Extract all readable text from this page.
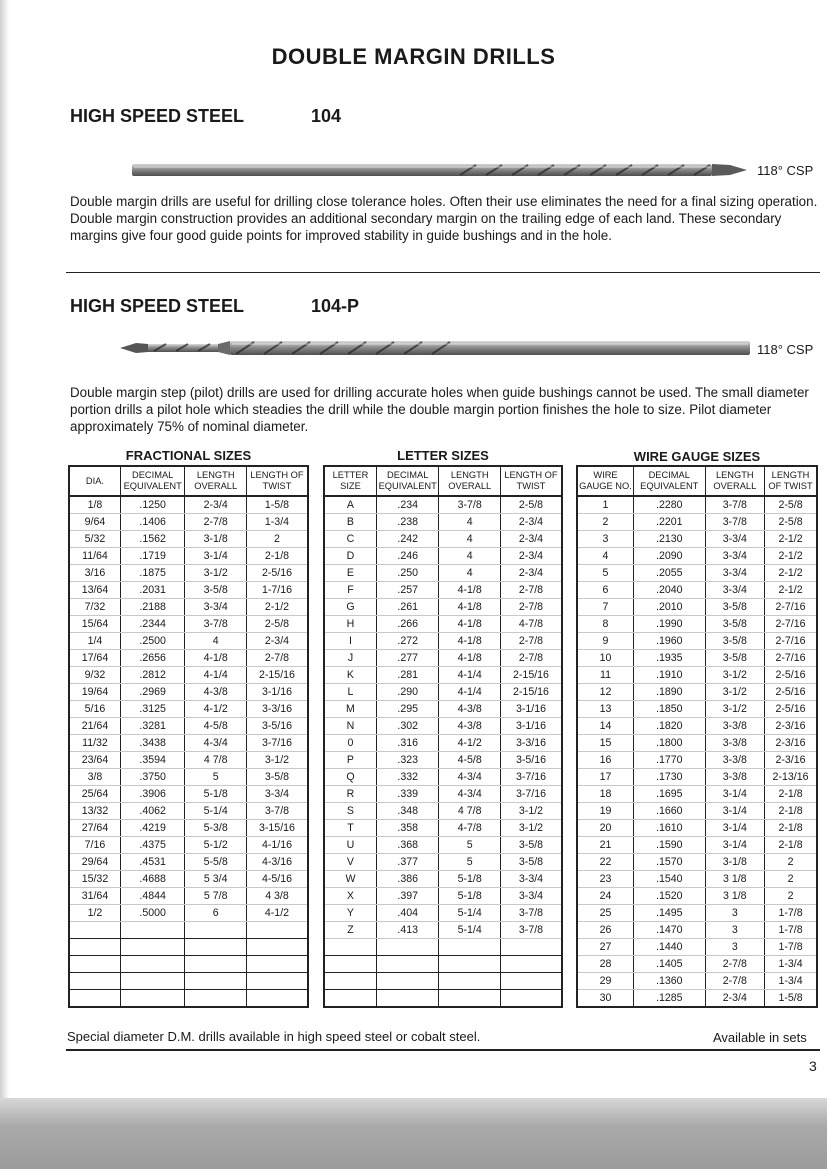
DOUBLE MARGIN DRILLS
HIGH SPEED STEEL	104
118° CSP
Double margin drills are useful for drilling close tolerance holes. Often their use eliminates the need for a final sizing operation. Double margin construction provides an additional secondary margin on the trailing edge of each land. These secondary margins give four good guide points for improved stability in guide bushings and in the hole.
HIGH SPEED STEEL	104-P
118° CSP
Double margin step (pilot) drills are used for drilling accurate holes when guide bushings cannot be used. The small diameter portion drills a pilot hole which steadies the drill while the double margin portion finishes the hole to size. Pilot diameter approximately 75% of nominal diameter.
FRACTIONAL SIZES	LETTER SIZES	WIRE GAUGE SIZES
DIA.	DECIMAL EQUIVALENT	LENGTH OVERALL	LENGTH OF TWIST
1/8	.1250	2-3/4	1-5/8
9/64	.1406	2-7/8	1-3/4
5/32	.1562	3-1/8	2
11/64	.1719	3-1/4	2-1/8
3/16	.1875	3-1/2	2-5/16
13/64	.2031	3-5/8	1-7/16
7/32	.2188	3-3/4	2-1/2
15/64	.2344	3-7/8	2-5/8
1/4	.2500	4	2-3/4
17/64	.2656	4-1/8	2-7/8
9/32	.2812	4-1/4	2-15/16
19/64	.2969	4-3/8	3-1/16
5/16	.3125	4-1/2	3-3/16
21/64	.3281	4-5/8	3-5/16
11/32	.3438	4-3/4	3-7/16
23/64	.3594	4 7/8	3-1/2
3/8	.3750	5	3-5/8
25/64	.3906	5-1/8	3-3/4
13/32	.4062	5-1/4	3-7/8
27/64	.4219	5-3/8	3-15/16
7/16	.4375	5-1/2	4-1/16
29/64	.4531	5-5/8	4-3/16
15/32	.4688	5 3/4	4-5/16
31/64	.4844	5 7/8	4 3/8
1/2	.5000	6	4-1/2

LETTER SIZE	DECIMAL EQUIVALENT	LENGTH OVERALL	LENGTH OF TWIST
A	.234	3-7/8	2-5/8
B	.238	4	2-3/4
C	.242	4	2-3/4
D	.246	4	2-3/4
E	.250	4	2-3/4
F	.257	4-1/8	2-7/8
G	.261	4-1/8	2-7/8
H	.266	4-1/8	4-7/8
I	.272	4-1/8	2-7/8
J	.277	4-1/8	2-7/8
K	.281	4-1/4	2-15/16
L	.290	4-1/4	2-15/16
M	.295	4-3/8	3-1/16
N	.302	4-3/8	3-1/16
0	.316	4-1/2	3-3/16
P	.323	4-5/8	3-5/16
Q	.332	4-3/4	3-7/16
R	.339	4-3/4	3-7/16
S	.348	4 7/8	3-1/2
T	.358	4-7/8	3-1/2
U	.368	5	3-5/8
V	.377	5	3-5/8
W	.386	5-1/8	3-3/4
X	.397	5-1/8	3-3/4
Y	.404	5-1/4	3-7/8
Z	.413	5-1/4	3-7/8

WIRE GAUGE NO.	DECIMAL EQUIVALENT	LENGTH OVERALL	LENGTH OF TWIST
1	.2280	3-7/8	2-5/8
2	.2201	3-7/8	2-5/8
3	.2130	3-3/4	2-1/2
4	.2090	3-3/4	2-1/2
5	.2055	3-3/4	2-1/2
6	.2040	3-3/4	2-1/2
7	.2010	3-5/8	2-7/16
8	.1990	3-5/8	2-7/16
9	.1960	3-5/8	2-7/16
10	.1935	3-5/8	2-7/16
11	.1910	3-1/2	2-5/16
12	.1890	3-1/2	2-5/16
13	.1850	3-1/2	2-5/16
14	.1820	3-3/8	2-3/16
15	.1800	3-3/8	2-3/16
16	.1770	3-3/8	2-3/16
17	.1730	3-3/8	2-13/16
18	.1695	3-1/4	2-1/8
19	.1660	3-1/4	2-1/8
20	.1610	3-1/4	2-1/8
21	.1590	3-1/4	2-1/8
22	.1570	3-1/8	2
23	.1540	3 1/8	2
24	.1520	3 1/8	2
25	.1495	3	1-7/8
26	.1470	3	1-7/8
27	.1440	3	1-7/8
28	.1405	2-7/8	1-3/4
29	.1360	2-7/8	1-3/4
30	.1285	2-3/4	1-5/8
Special diameter D.M. drills available in high speed steel or cobalt steel.	Available in sets
3
